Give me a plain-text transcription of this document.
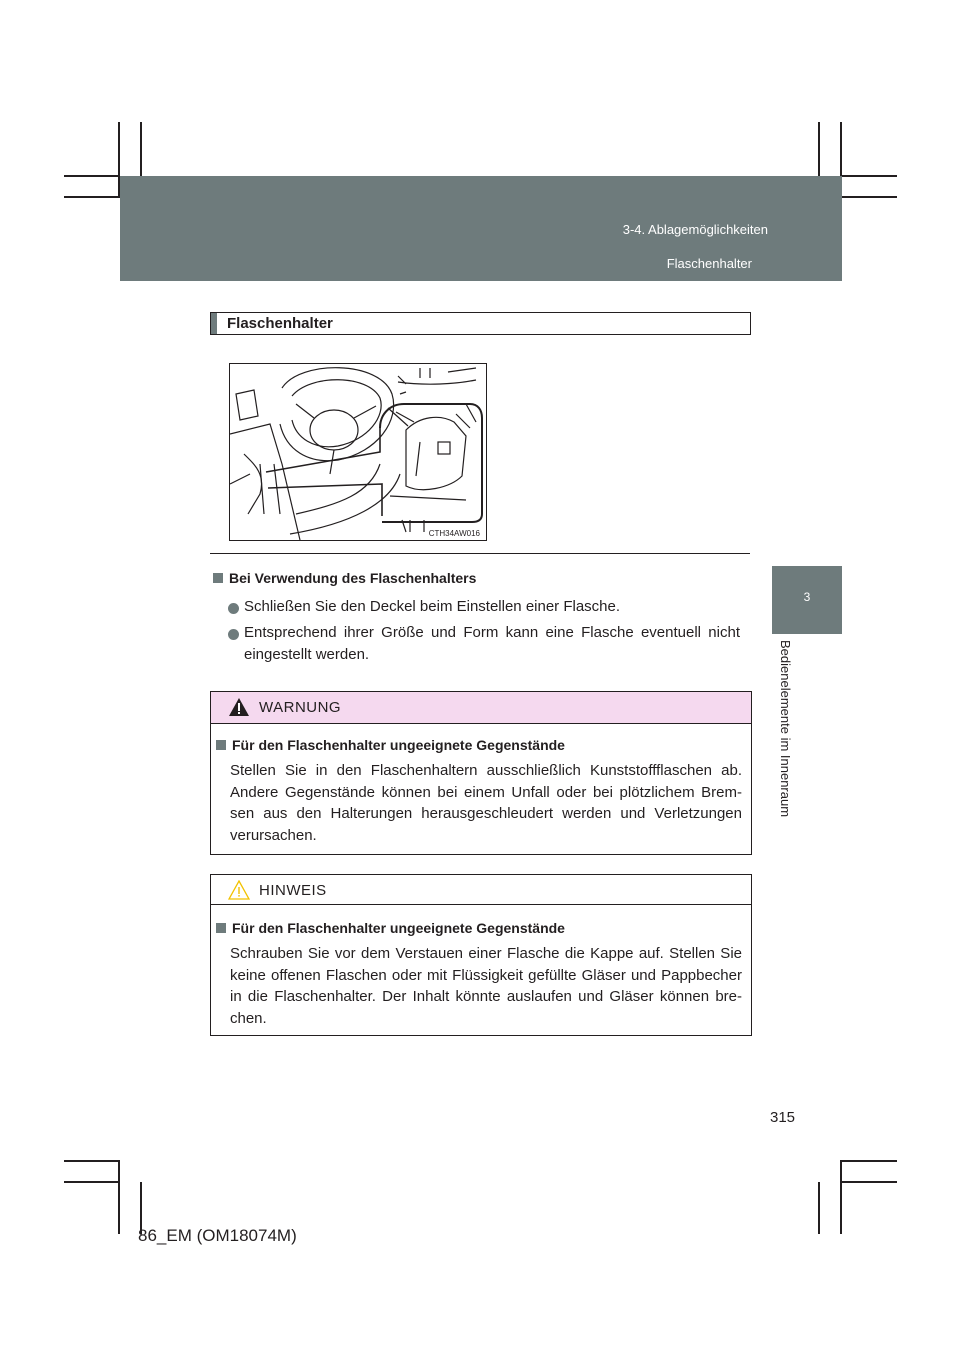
3-4. Ablagemöglichkeiten
Flaschenhalter
3
Bedienelemente im Innenraum
Flaschenhalter
CTH34AW016
Bei Verwendung des Flaschenhalters
Schließen Sie den Deckel beim Einstellen einer Flasche.
Entsprechend ihrer Größe und Form kann eine Flasche eventuell nicht eingestellt werden.
WARNUNG
Für den Flaschenhalter ungeeignete Gegenstände
Stellen Sie in den Flaschenhaltern ausschließlich Kunststoffflaschen ab. Andere Gegenstände können bei einem Unfall oder bei plötzlichem Brem-sen aus den Halterungen herausgeschleudert werden und Verletzungen verursachen.
HINWEIS
Für den Flaschenhalter ungeeignete Gegenstände
Schrauben Sie vor dem Verstauen einer Flasche die Kappe auf. Stellen Sie keine offenen Flaschen oder mit Flüssigkeit gefüllte Gläser und Pappbecher in die Flaschenhalter. Der Inhalt könnte auslaufen und Gläser können bre-chen.
315
86_EM (OM18074M)
